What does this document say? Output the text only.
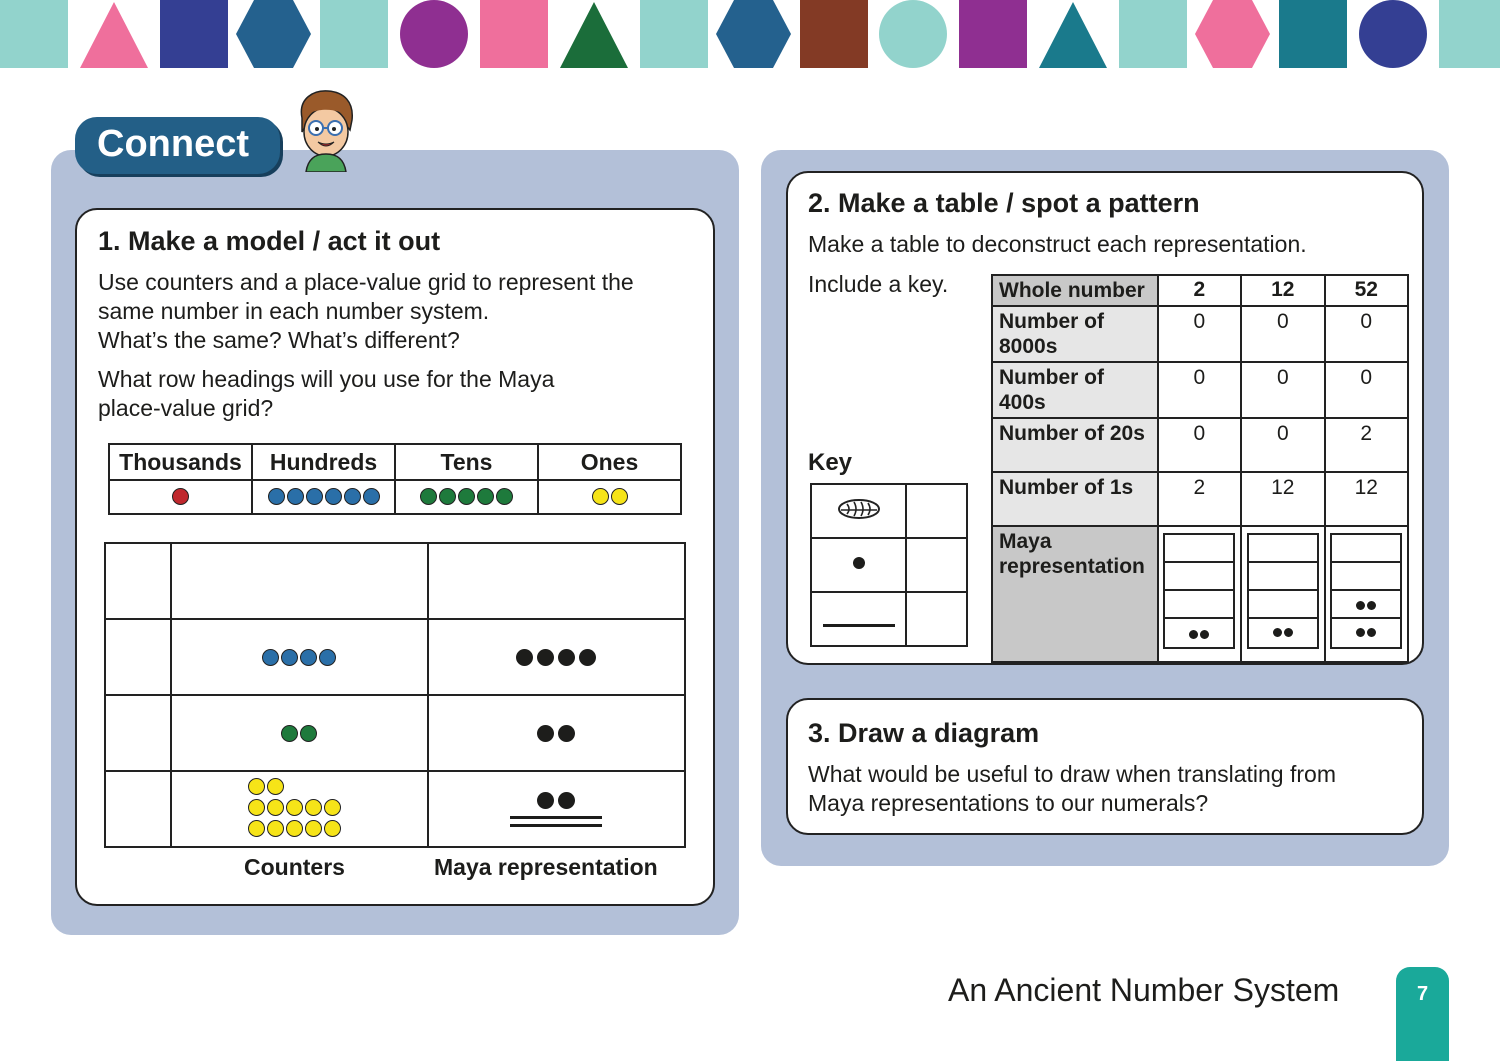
Connect
1. Make a model / act it out
Use counters and a place-value grid to represent the
same number in each number system.
What’s the same? What’s different?
What row headings will you use for the Maya
place-value grid?
Thousands	Hundreds	Tens	Ones

Counters	Maya representation
2. Make a table / spot a pattern
Make a table to deconstruct each representation.
Include a key.
Key

Whole number	2	12	52
Number of
8000s	0	0	0
Number of
400s	0	0	0
Number of 20s	0	0	2
Number of 1s	2	12	12
Maya
representation	

3. Draw a diagram
What would be useful to draw when translating from
Maya representations to our numerals?
An Ancient Number System	7
